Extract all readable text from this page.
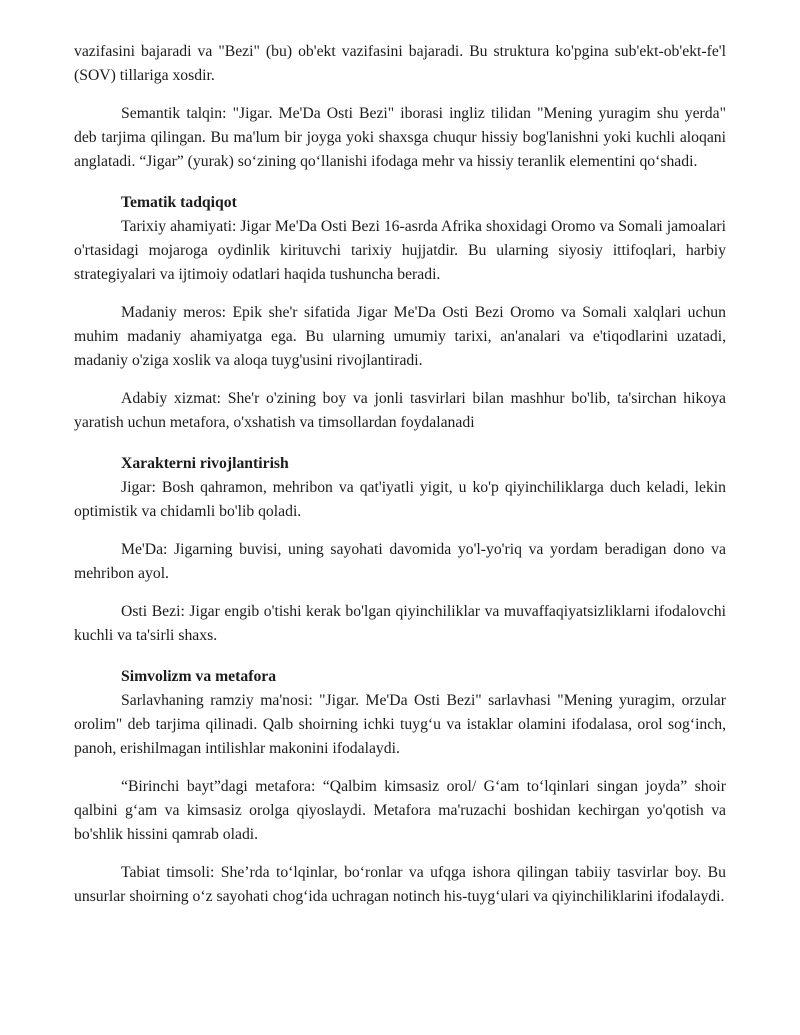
vazifasini bajaradi va "Bezi" (bu) ob'ekt vazifasini bajaradi. Bu struktura ko'pgina sub'ekt-ob'ekt-fe'l (SOV) tillariga xosdir.

Semantik talqin: "Jigar. Me'Da Osti Bezi" iborasi ingliz tilidan "Mening yuragim shu yerda" deb tarjima qilingan. Bu ma'lum bir joyga yoki shaxsga chuqur hissiy bog'lanishni yoki kuchli aloqani anglatadi. “Jigar” (yurak) so‘zining qo‘llanishi ifodaga mehr va hissiy teranlik elementini qo‘shadi.

Tematik tadqiqot

Tarixiy ahamiyati: Jigar Me'Da Osti Bezi 16-asrda Afrika shoxidagi Oromo va Somali jamoalari o'rtasidagi mojaroga oydinlik kirituvchi tarixiy hujjatdir. Bu ularning siyosiy ittifoqlari, harbiy strategiyalari va ijtimoiy odatlari haqida tushuncha beradi.

Madaniy meros: Epik she'r sifatida Jigar Me'Da Osti Bezi Oromo va Somali xalqlari uchun muhim madaniy ahamiyatga ega. Bu ularning umumiy tarixi, an'analari va e'tiqodlarini uzatadi, madaniy o'ziga xoslik va aloqa tuyg'usini rivojlantiradi.

Adabiy xizmat: She'r o'zining boy va jonli tasvirlari bilan mashhur bo'lib, ta'sirchan hikoya yaratish uchun metafora, o'xshatish va timsollardan foydalanadi

Xarakterni rivojlantirish

Jigar: Bosh qahramon, mehribon va qat'iyatli yigit, u ko'p qiyinchiliklarga duch keladi, lekin optimistik va chidamli bo'lib qoladi.

Me'Da: Jigarning buvisi, uning sayohati davomida yo'l-yo'riq va yordam beradigan dono va mehribon ayol.

Osti Bezi: Jigar engib o'tishi kerak bo'lgan qiyinchiliklar va muvaffaqiyatsizliklarni ifodalovchi kuchli va ta'sirli shaxs.

Simvolizm va metafora

Sarlavhaning ramziy ma'nosi: "Jigar. Me'Da Osti Bezi" sarlavhasi "Mening yuragim, orzular orolim" deb tarjima qilinadi. Qalb shoirning ichki tuyg‘u va istaklar olamini ifodalasa, orol sog‘inch, panoh, erishilmagan intilishlar makonini ifodalaydi.

“Birinchi bayt”dagi metafora: “Qalbim kimsasiz orol/ G‘am to‘lqinlari singan joyda” shoir qalbini g‘am va kimsasiz orolga qiyoslaydi. Metafora ma'ruzachi boshidan kechirgan yo'qotish va bo'shlik hissini qamrab oladi.

Tabiat timsoli: She’rda to‘lqinlar, bo‘ronlar va ufqga ishora qilingan tabiiy tasvirlar boy. Bu unsurlar shoirning o‘z sayohati chog‘ida uchragan notinch his-tuyg‘ulari va qiyinchiliklarini ifodalaydi.
